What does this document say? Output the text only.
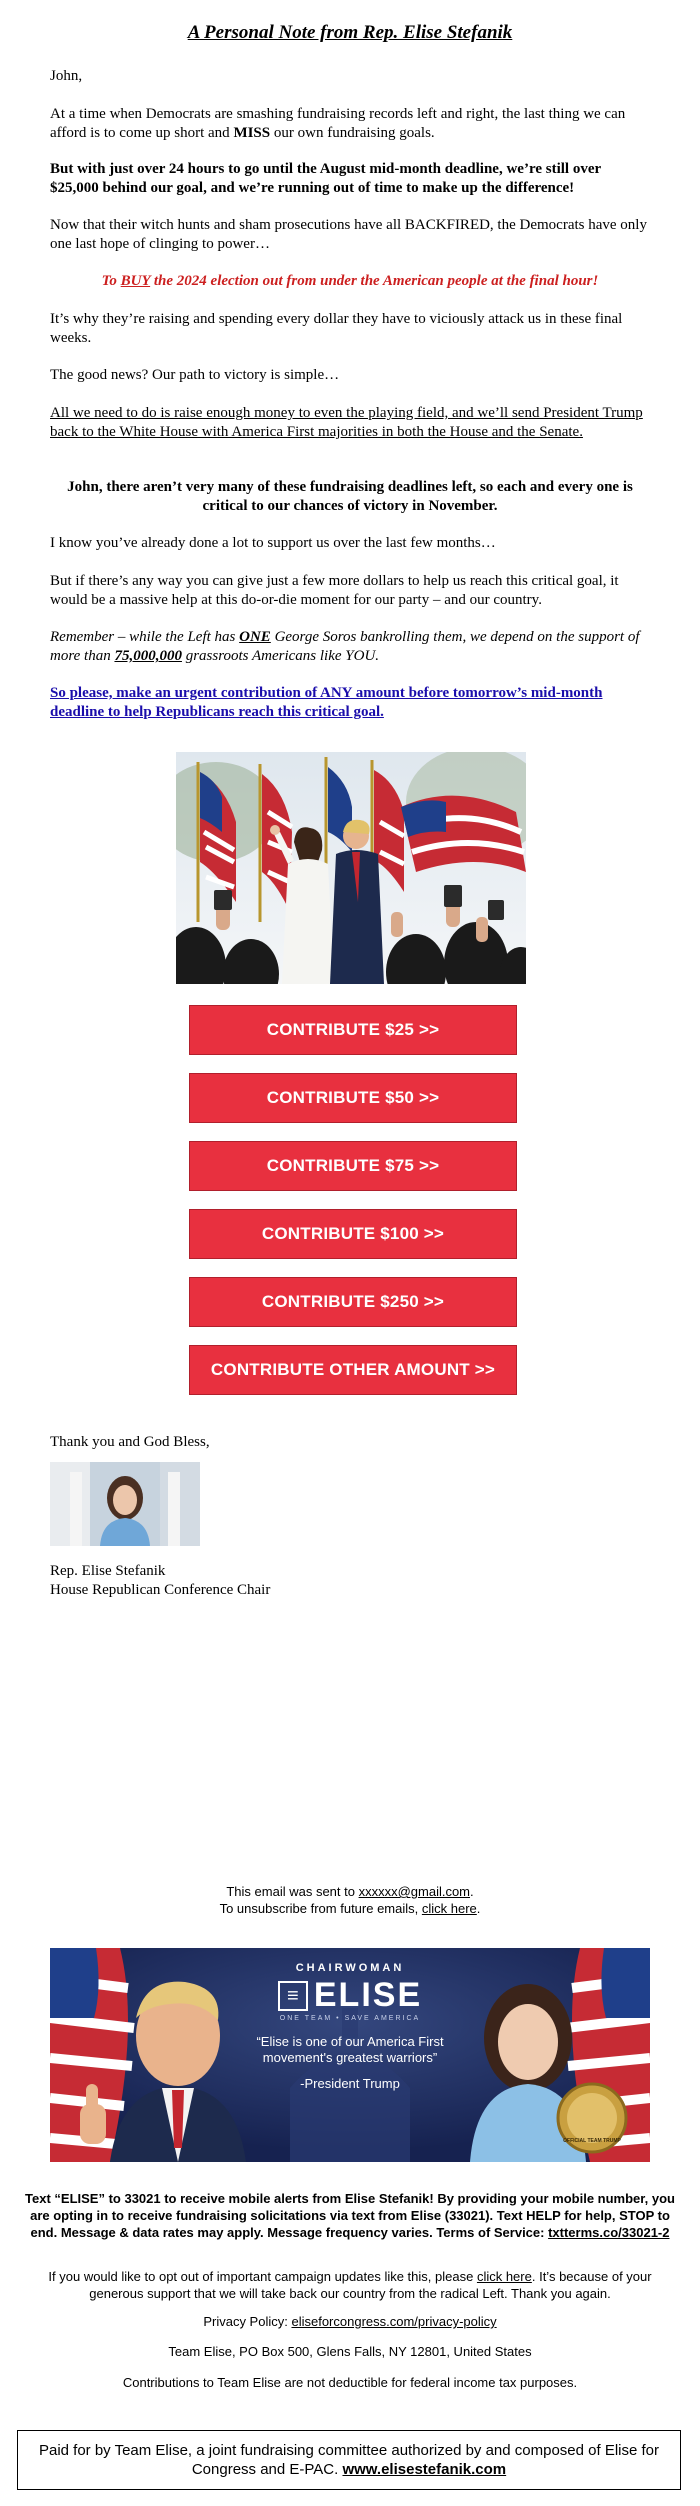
A Personal Note from Rep. Elise Stefanik

John,

At a time when Democrats are smashing fundraising records left and right, the last thing we can afford is to come up short and MISS our own fundraising goals.

But with just over 24 hours to go until the August mid-month deadline, we’re still over $25,000 behind our goal, and we’re running out of time to make up the difference!

Now that their witch hunts and sham prosecutions have all BACKFIRED, the Democrats have only one last hope of clinging to power…

To BUY the 2024 election out from under the American people at the final hour!

It’s why they’re raising and spending every dollar they have to viciously attack us in these final weeks.

The good news? Our path to victory is simple…

All we need to do is raise enough money to even the playing field, and we’ll send President Trump back to the White House with America First majorities in both the House and the Senate.

John, there aren’t very many of these fundraising deadlines left, so each and every one is critical to our chances of victory in November.

I know you’ve already done a lot to support us over the last few months…

But if there’s any way you can give just a few more dollars to help us reach this critical goal, it would be a massive help at this do-or-die moment for our party – and our country.

Remember – while the Left has ONE George Soros bankrolling them, we depend on the support of more than 75,000,000 grassroots Americans like YOU.

So please, make an urgent contribution of ANY amount before tomorrow’s mid-month deadline to help Republicans reach this critical goal.
CONTRIBUTE $25 >>
CONTRIBUTE $50 >>
CONTRIBUTE $75 >>
CONTRIBUTE $100 >>
CONTRIBUTE $250 >>
CONTRIBUTE OTHER AMOUNT >>

Thank you and God Bless,

Rep. Elise Stefanik

House Republican Conference Chair

This email was sent to xxxxxx@gmail.com.
To unsubscribe from future emails, click here.
CHAIRWOMAN
≡ ELISE
ONE TEAM • SAVE AMERICA
“Elise is one of our America First movement's greatest warriors”
-President Trump
OFFICIAL TEAM TRUMP
Text “ELISE” to 33021 to receive mobile alerts from Elise Stefanik! By providing your mobile number, you are opting in to receive fundraising solicitations via text from Elise (33021). Text HELP for help, STOP to end. Message & data rates may apply. Message frequency varies. Terms of Service: txtterms.co/33021-2
If you would like to opt out of important campaign updates like this, please click here. It’s because of your generous support that we will take back our country from the radical Left. Thank you again.
Privacy Policy: eliseforcongress.com/privacy-policy
Team Elise, PO Box 500, Glens Falls, NY 12801, United States
Contributions to Team Elise are not deductible for federal income tax purposes.
Paid for by Team Elise, a joint fundraising committee authorized by and composed of Elise for Congress and E-PAC. www.elisestefanik.com
